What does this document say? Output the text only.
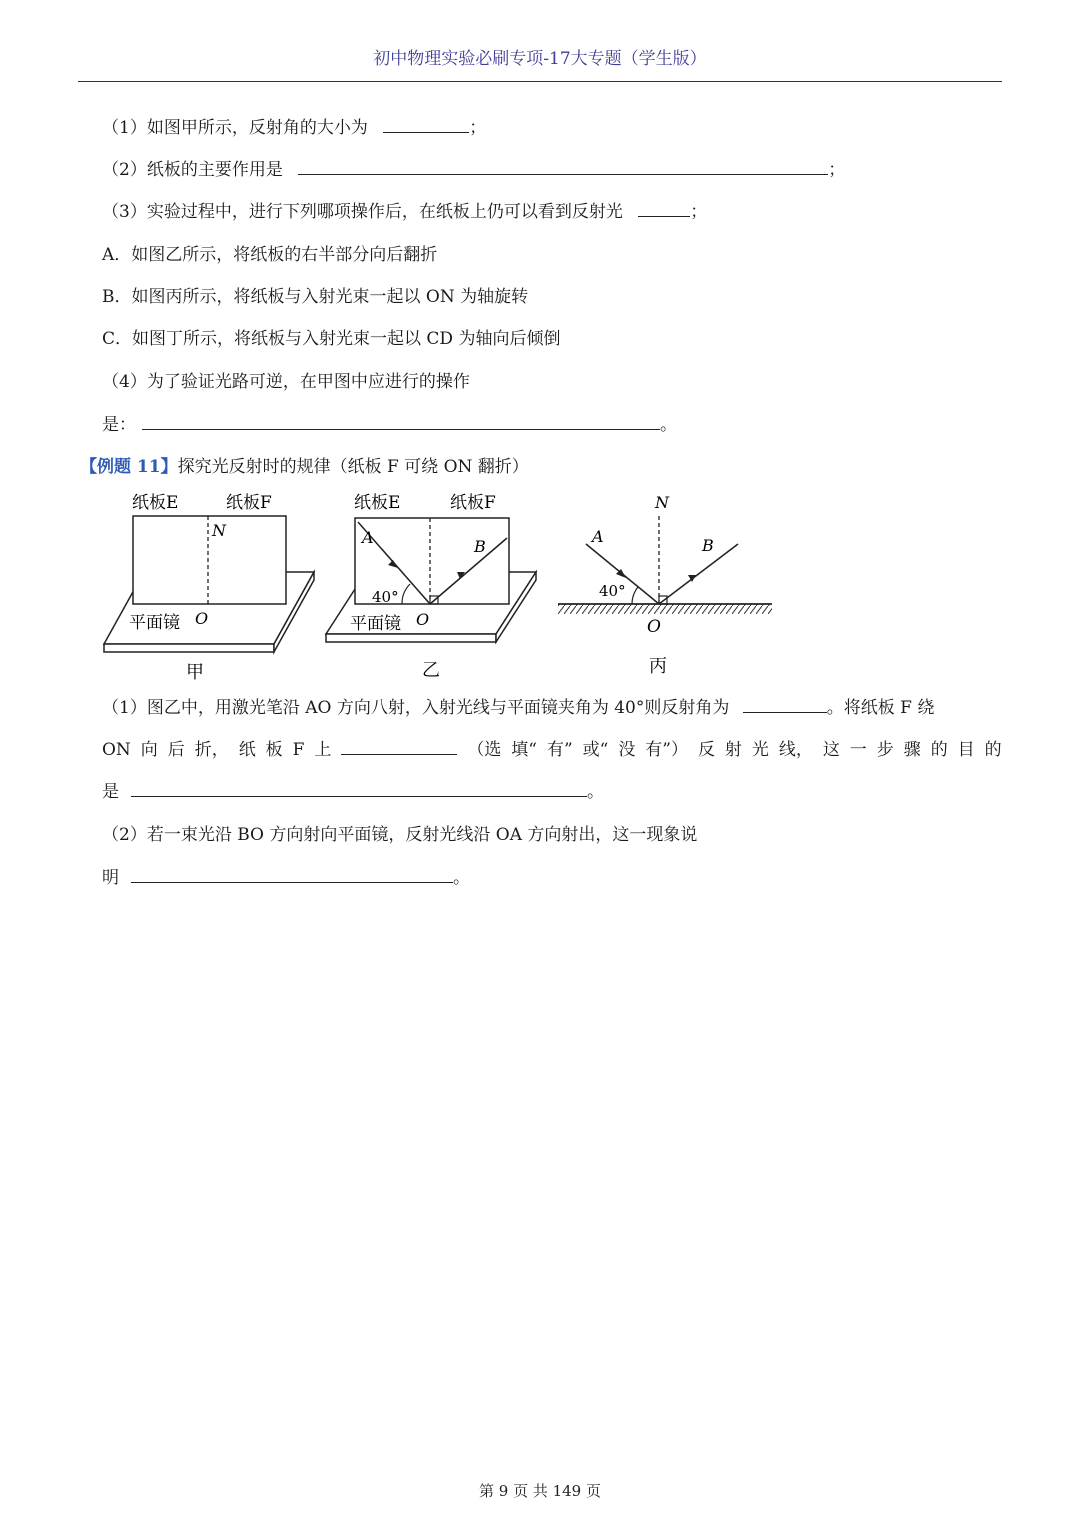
初中物理实验必刷专项-17大专题（学生版）
（1）如图甲所示，反射角的大小为	；
（2）纸板的主要作用是	；
（3）实验过程中，进行下列哪项操作后，在纸板上仍可以看到反射光	；
A．如图乙所示，将纸板的右半部分向后翻折
B．如图丙所示，将纸板与入射光束一起以 ON 为轴旋转
C．如图丁所示，将纸板与入射光束一起以 CD 为轴向后倾倒
（4）为了验证光路可逆，在甲图中应进行的操作
是：	。
【例题 11】探究光反射时的规律（纸板 F 可绕 ON 翻折）
纸板E	纸板F
N
平面镜 O
甲
纸板E	纸板F
A	B
40°
平面镜 O
乙
N
A	B
40°
O
丙
（1）图乙中，用激光笔沿 AO 方向八射，入射光线与平面镜夹角为 40°则反射角为	。将纸板 F 绕
ON 向 后 折， 纸 板 F 上	（选 填“ 有” 或“ 没 有”） 反 射 光 线， 这 一 步 骤 的 目 的
是	。
（2）若一束光沿 BO 方向射向平面镜，反射光线沿 OA 方向射出，这一现象说
明	。
第 9 页 共 149 页
